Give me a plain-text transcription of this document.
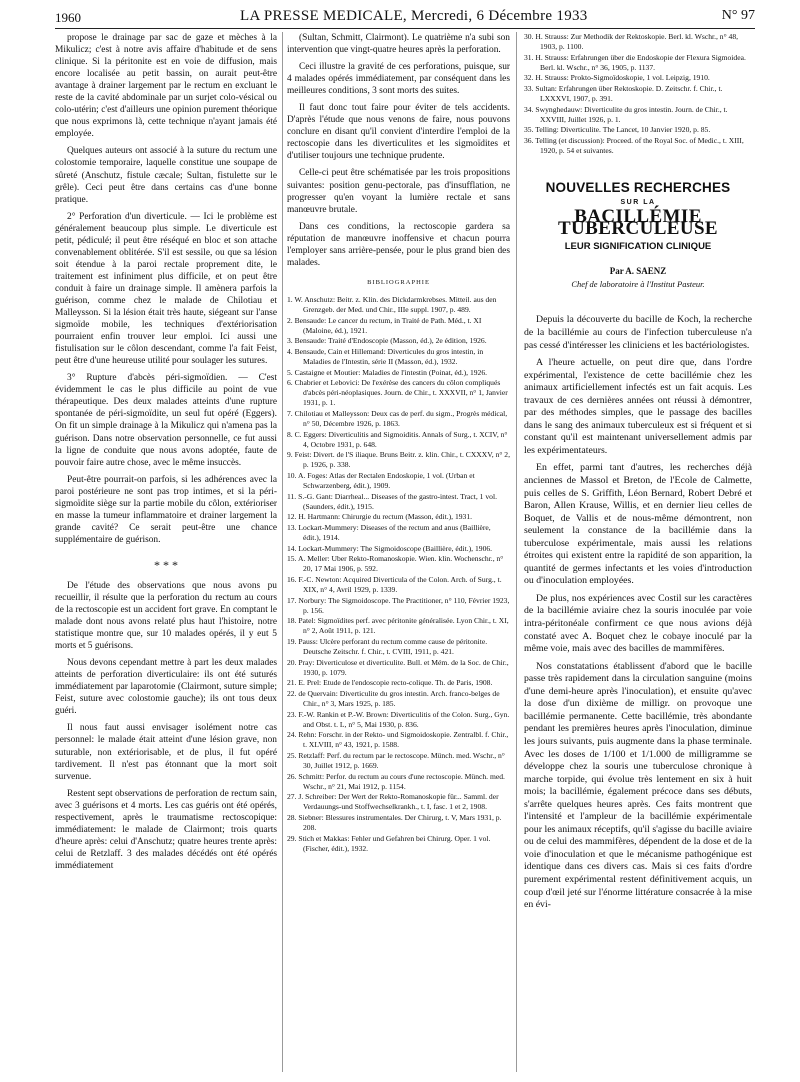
1960	LA PRESSE MEDICALE, Mercredi, 6 Décembre 1933	N° 97

propose le drainage par sac de gaze et mèches à la Mikulicz; c'est à notre avis affaire d'habitude et de sens clinique. Si la péritonite est en voie de diffusion, mais encore localisée au petit bassin, on aurait peut-être avantage à drainer largement par le rectum en excluant le reste de la cavité abdominale par un surjet colo-vésical ou colo-utérin; c'est d'ailleurs une opinion purement théorique que nous exprimons là, cette technique n'ayant jamais été employée.

Quelques auteurs ont associé à la suture du rectum une colostomie temporaire, laquelle constitue une soupape de sûreté (Anschutz, fistule cæcale; Sultan, fistulette sur le grêle). Ceci peut être dans certains cas d'une bonne pratique.

2° Perforation d'un diverticule. — Ici le problème est généralement beaucoup plus simple. Le diverticule est petit, pédiculé; il peut être réséqué en bloc et son attache convenablement oblitérée. S'il est sessile, ou que sa lésion soit étendue à la paroi rectale proprement dite, le traitement est infiniment plus difficile, et on peut être conduit à faire un drainage simple. Il amènera parfois la guérison, comme chez le malade de Chilotiau et Malleysson. Si la lésion était très haute, siégeant sur l'anse sigmoïde mobile, les techniques d'extériorisation pourraient enfin trouver leur emploi. Ici aussi une fistulisation sur le côlon descendant, comme l'a fait Feist, peut être d'une heureuse utilité pour soulager les sutures.

3° Rupture d'abcès péri-sigmoïdien. — C'est évidemment le cas le plus difficile au point de vue thérapeutique. Des deux malades atteints d'une rupture spontanée de péri-sigmoïdite, un seul fut opéré (Eggers). On fit un simple drainage à la Mikulicz qui n'amena pas la guérison. Dans notre observation personnelle, ce fut aussi la ligne de conduite que nous avons adoptée, faute de pouvoir faire autre chose, avec le même insuccès.

Peut-être pourrait-on parfois, si les adhérences avec la paroi postérieure ne sont pas trop intimes, et si la péri-sigmoïdite siège sur la partie mobile du côlon, extérioriser en masse la tumeur inflammatoire et drainer largement la grande cavité? Ce serait peut-être une chance supplémentaire de guérison.

* * *

De l'étude des observations que nous avons pu recueillir, il résulte que la perforation du rectum au cours de la rectoscopie est un accident fort grave. En comptant le malade dont nous avons relaté plus haut l'histoire, notre statistique montre que, sur 10 malades opérés, il y eut 5 morts et 5 guérisons.

Nous devons cependant mettre à part les deux malades atteints de perforation diverticulaire: ils ont été suturés immédiatement par laparotomie (Clairmont, suture simple; Feist, suture avec colostomie gauche); ils ont tous deux guéri.

Il nous faut aussi envisager isolément notre cas personnel: le malade était atteint d'une lésion grave, non suturable, non extériorisable, et de plus, il fut opéré tardivement. Il n'est pas étonnant que la mort soit survenue.

Restent sept observations de perforation de rectum sain, avec 3 guérisons et 4 morts. Les cas guéris ont été opérés, respectivement, après le traumatisme rectoscopique: immédiatement: le malade de Clairmont; trois quarts d'heure après: celui d'Anschutz; quatre heures trente après: celui de Retzlaff. 3 des malades décédés ont été opérés immédiatement

(Sultan, Schmitt, Clairmont). Le quatrième n'a subi son intervention que vingt-quatre heures après la perforation.

Ceci illustre la gravité de ces perforations, puisque, sur 4 malades opérés immédiatement, par conséquent dans les meilleures conditions, 3 sont morts des suites.

Il faut donc tout faire pour éviter de tels accidents. D'après l'étude que nous venons de faire, nous pouvons conclure en disant qu'il convient d'interdire l'emploi de la rectoscopie dans les diverticulites et les sigmoïdites et d'utiliser toujours une technique prudente.

Celle-ci peut être schématisée par les trois propositions suivantes: position genu-pectorale, pas d'insufflation, ne progresser qu'en voyant la lumière rectale et sans manœuvre brutale.

Dans ces conditions, la rectoscopie gardera sa réputation de manœuvre inoffensive et chacun pourra l'employer sans arrière-pensée, pour le plus grand bien des malades.

BIBLIOGRAPHIE
1. W. Anschutz: Beitr. z. Klin. des Dickdarmkrebses. Mitteil. aus den Grenzgeb. der Med. und Chir., IIIe suppl. 1907, p. 489.
2. Bensaude: Le cancer du rectum, in Traité de Path. Méd., t. XI (Maloine, éd.), 1921.
3. Bensaude: Traité d'Endoscopie (Masson, éd.), 2e édition, 1926.
4. Bensaude, Cain et Hillemand: Diverticules du gros intestin, in Maladies de l'Intestin, série II (Masson, éd.), 1932.
5. Castaigne et Moutier: Maladies de l'intestin (Poinat, éd.), 1926.
6. Chabrier et Lebovici: De l'exérèse des cancers du côlon compliqués d'abcès péri-néoplasiques. Journ. de Chir., t. XXXVII, n° 1, Janvier 1931, p. 1.
7. Chilotiau et Malleysson: Deux cas de perf. du sigm., Progrès médical, n° 50, Décembre 1926, p. 1863.
8. C. Eggers: Diverticulitis and Sigmoiditis. Annals of Surg., t. XCIV, n° 4, Octobre 1931, p. 648.
9. Feist: Divert. de l'S iliaque. Bruns Beitr. z. klin. Chir., t. CXXXV, n° 2, p. 1926, p. 338.
10. A. Foges: Atlas der Rectalen Endoskopie, 1 vol. (Urban et Schwarzenberg, édit.), 1909.
11. S.-G. Gant: Diarrheal... Diseases of the gastro-intest. Tract, 1 vol. (Saunders, édit.), 1915.
12. H. Hartmann: Chirurgie du rectum (Masson, édit.), 1931.
13. Lockart-Mummery: Diseases of the rectum and anus (Baillière, édit.), 1914.
14. Lockart-Mummery: The Sigmoidoscope (Baillière, édit.), 1906.
15. A. Meller: Uber Rekto-Romanoskopie. Wien. klin. Wochenschr., n° 20, 17 Mai 1906, p. 592.
16. F.-C. Newton: Acquired Diverticula of the Colon. Arch. of Surg., t. XIX, n° 4, Avril 1929, p. 1339.
17. Norbury: The Sigmoidoscope. The Practitioner, n° 110, Février 1923, p. 156.
18. Patel: Sigmoïdites perf. avec péritonite généralisée. Lyon Chir., t. XI, n° 2, Août 1911, p. 121.
19. Pauss: Ulcère perforant du rectum comme cause de péritonite. Deutsche Zeitschr. f. Chir., t. CVIII, 1911, p. 421.
20. Pray: Diverticulose et diverticulite. Bull. et Mém. de la Soc. de Chir., 1930, p. 1079.
21. E. Prel: Etude de l'endoscopie recto-colique. Th. de Paris, 1908.
22. de Quervain: Diverticulite du gros intestin. Arch. franco-belges de Chir., n° 3, Mars 1925, p. 185.
23. F.-W. Rankin et P.-W. Brown: Diverticulitis of the Colon. Surg., Gyn. and Obst. t. L, n° 5, Mai 1930, p. 836.
24. Rehn: Forschr. in der Rekto- und Sigmoidoskopie. Zentralbl. f. Chir., t. XLVIII, n° 43, 1921, p. 1588.
25. Retzlaff: Perf. du rectum par le rectoscope. Münch. med. Wschr., n° 30, Juillet 1912, p. 1669.
26. Schmitt: Perfor. du rectum au cours d'une rectoscopie. Münch. med. Wschr., n° 21, Mai 1912, p. 1154.
27. J. Schreiber: Der Wert der Rekto-Romanoskopie für... Samml. der Verdauungs-und Stoffwechselkrankh., t. I, fasc. 1 et 2, 1908.
28. Siebner: Blessures instrumentales. Der Chirurg, t. V, Mars 1931, p. 208.
29. Stich et Makkas: Fehler und Gefahren bei Chirurg. Oper. 1 vol. (Fischer, édit.), 1932.
30. H. Strauss: Zur Methodik der Rektoskopie. Berl. kl. Wschr., n° 48, 1903, p. 1100.
31. H. Strauss: Erfahrungen über die Endoskopie der Flexura Sigmoidea. Berl. kl. Wschr., n° 36, 1905, p. 1137.
32. H. Strauss: Prokto-Sigmoïdoskopie, 1 vol. Leipzig, 1910.
33. Sultan: Erfahrungen über Rektoskopie. D. Zeitschr. f. Chir., t. LXXXVI, 1907, p. 391.
34. Swynghedauw: Diverticulite du gros intestin. Journ. de Chir., t. XXVIII, Juillet 1926, p. 1.
35. Telling: Diverticulite. The Lancet, 10 Janvier 1920, p. 85.
36. Telling (et discussion): Proceed. of the Royal Soc. of Medic., t. XIII, 1920, p. 54 et suivantes.
NOUVELLES RECHERCHES
SUR LA
BACILLÉMIE TUBERCULEUSE
LEUR SIGNIFICATION CLINIQUE
Par A. SAENZ
Chef de laboratoire à l'Institut Pasteur.

Depuis la découverte du bacille de Koch, la recherche de la bacillémie au cours de l'infection tuberculeuse n'a pas cessé d'intéresser les cliniciens et les bactériologistes.

A l'heure actuelle, on peut dire que, dans l'ordre expérimental, l'existence de cette bacillémie chez les animaux artificiellement infectés est un fait acquis. Les travaux de ces dernières années ont réussi à démontrer, par des méthodes simples, que le passage des bacilles dans le sang des animaux tuberculeux est si fréquent et si constant qu'il est maintenant universellement admis par les expérimentateurs.

En effet, parmi tant d'autres, les recherches déjà anciennes de Massol et Breton, de l'Ecole de Calmette, puis celles de S. Griffith, Léon Bernard, Robert Debré et Baron, Allen Krause, Willis, et en dernier lieu celles de Boquet, de Vallis et de nous-même démontrent, non seulement la constance de la bacillémie dans la tuberculose expérimentale, mais aussi les relations étroites qui existent entre la rapidité de son apparition, la quantité de germes infectants et les voies d'introduction ou d'inoculation employées.

De plus, nos expériences avec Costil sur les caractères de la bacillémie aviaire chez la souris inoculée par voie intra-péritonéale confirment ce que nous avions déjà constaté avec A. Boquet chez le cobaye inoculé par la même voie, mais avec des bacilles de mammifères.

Nos constatations établissent d'abord que le bacille passe très rapidement dans la circulation sanguine (moins d'une demi-heure après l'inoculation), et ensuite qu'avec la dose d'un dixième de milligr. on provoque une bacillémie permanente. Cette bacillémie, très abondante pendant les premières heures après l'inoculation, diminue les jours suivants, puis augmente dans la phase terminale. Avec les doses de 1/100 et 1/1.000 de milligramme se développe chez la souris une tuberculose chronique à marche torpide, qui évolue très lentement en six à huit mois; la bacillémie, également précoce dans ses débuts, s'arrête quelques heures après. Ces faits montrent que l'intensité et l'ampleur de la bacillémie expérimentale pour les animaux réceptifs, qu'il s'agisse du bacille aviaire ou de celui des mammifères, dépendent de la dose et de la voie d'inoculation et que le mécanisme pathogénique est identique dans ces divers cas. Mais si ces faits d'ordre purement expérimental restent définitivement acquis, un coup d'œil jeté sur l'énorme littérature consacrée à la mise en évi-
